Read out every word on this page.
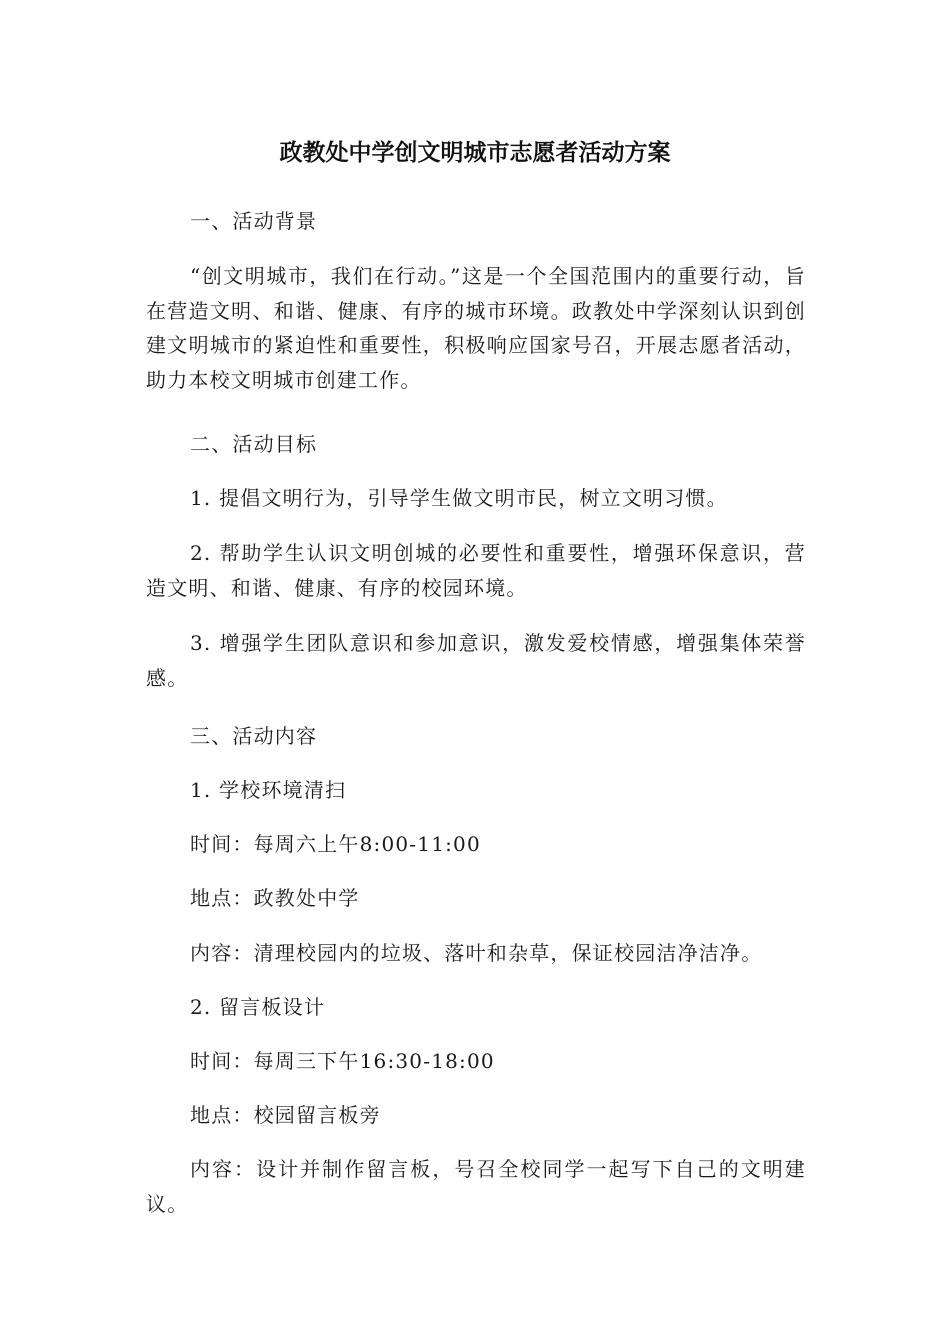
政教处中学创文明城市志愿者活动方案

一、活动背景

“创文明城市，我们在行动。”这是一个全国范围内的重要行动，旨在营造文明、和谐、健康、有序的城市环境。政教处中学深刻认识到创建文明城市的紧迫性和重要性，积极响应国家号召，开展志愿者活动，助力本校文明城市创建工作。

二、活动目标

1. 提倡文明行为，引导学生做文明市民，树立文明习惯。

2. 帮助学生认识文明创城的必要性和重要性，增强环保意识，营造文明、和谐、健康、有序的校园环境。

3. 增强学生团队意识和参加意识，激发爱校情感，增强集体荣誉感。

三、活动内容

1. 学校环境清扫

时间：每周六上午8:00-11:00

地点：政教处中学

内容：清理校园内的垃圾、落叶和杂草，保证校园洁净洁净。

2. 留言板设计

时间：每周三下午16:30-18:00

地点：校园留言板旁

内容：设计并制作留言板，号召全校同学一起写下自己的文明建议。
